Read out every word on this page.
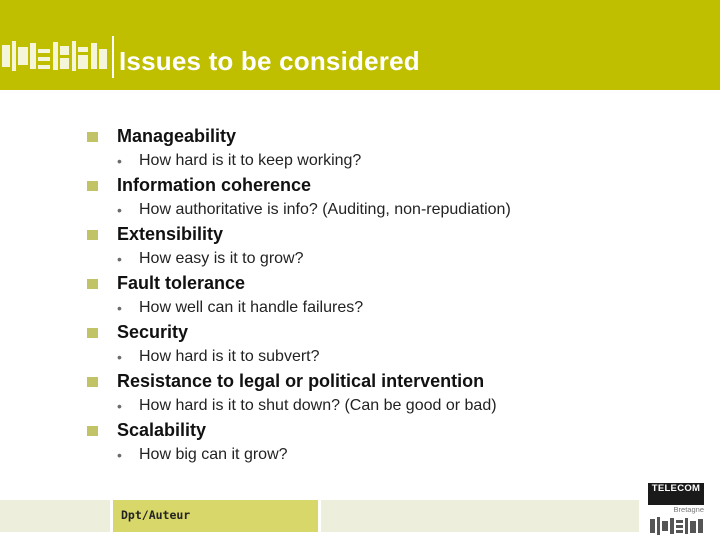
Issues to be considered
Manageability
• How hard is it to keep working?
Information coherence
• How authoritative is info? (Auditing, non-repudiation)
Extensibility
• How easy is it to grow?
Fault tolerance
• How well can it handle failures?
Security
• How hard is it to subvert?
Resistance to legal or political intervention
• How hard is it to shut down? (Can be good or bad)
Scalability
• How big can it grow?
Dpt/Auteur
TELECOM
Bretagne
